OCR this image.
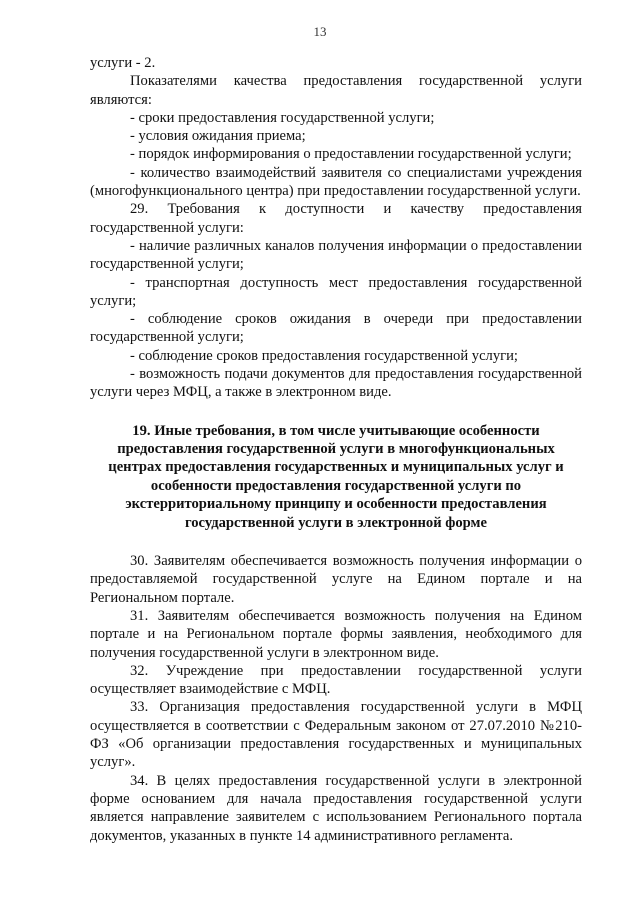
13

услуги - 2.

Показателями качества предоставления государственной услуги являются:

- сроки предоставления государственной услуги;

- условия ожидания приема;

- порядок информирования о предоставлении государственной услуги;

- количество взаимодействий заявителя со специалистами учреждения (многофункционального центра) при предоставлении государственной услуги.

29. Требования к доступности и качеству предоставления государственной услуги:

- наличие различных каналов получения информации о предоставлении государственной услуги;

- транспортная доступность мест предоставления государственной услуги;

- соблюдение сроков ожидания в очереди при предоставлении государственной услуги;

- соблюдение сроков предоставления государственной услуги;

- возможность подачи документов для предоставления государственной услуги через МФЦ, а также в электронном виде.

19. Иные требования, в том числе учитывающие особенности предоставления государственной услуги в многофункциональных центрах предоставления государственных и муниципальных услуг и особенности предоставления государственной услуги по экстерриториальному принципу и особенности предоставления государственной услуги в электронной форме

30. Заявителям обеспечивается возможность получения информации о предоставляемой государственной услуге на Едином портале и на Региональном портале.

31. Заявителям обеспечивается возможность получения на Едином портале и на Региональном портале формы заявления, необходимого для получения государственной услуги в электронном виде.

32. Учреждение при предоставлении государственной услуги осуществляет взаимодействие с МФЦ.

33. Организация предоставления государственной услуги в МФЦ осуществляется в соответствии с Федеральным законом от 27.07.2010 №210-ФЗ «Об организации предоставления государственных и муниципальных услуг».

34. В целях предоставления государственной услуги в электронной форме основанием для начала предоставления государственной услуги является направление заявителем с использованием Регионального портала документов, указанных в пункте 14 административного регламента.
